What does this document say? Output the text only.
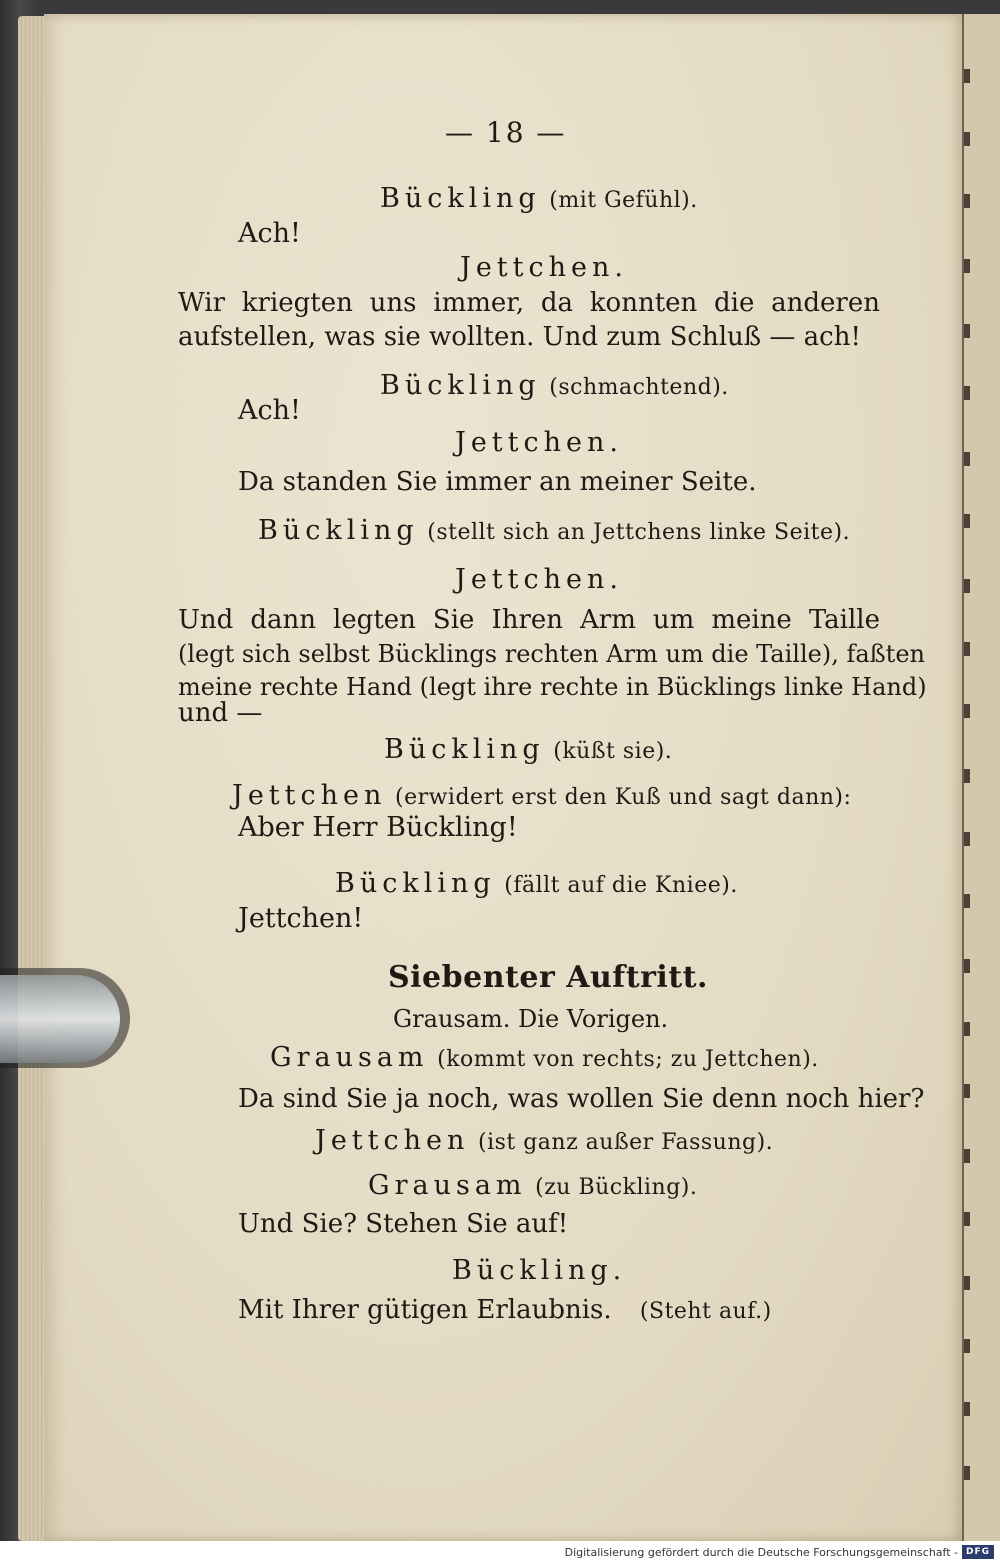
— 18 —
Bückling (mit Gefühl).
Ach!
Jettchen.
Wir kriegten uns immer, da konnten die anderen
aufstellen, was sie wollten. Und zum Schluß — ach!
Bückling (schmachtend).
Ach!
Jettchen.
Da standen Sie immer an meiner Seite.
Bückling (stellt sich an Jettchens linke Seite).
Jettchen.
Und dann legten Sie Ihren Arm um meine Taille
(legt sich selbst Bücklings rechten Arm um die Taille), faßten
meine rechte Hand (legt ihre rechte in Bücklings linke Hand)
und —
Bückling (küßt sie).
Jettchen (erwidert erst den Kuß und sagt dann):
Aber Herr Bückling!
Bückling (fällt auf die Kniee).
Jettchen!
Siebenter Auftritt.
Grausam. Die Vorigen.
Grausam (kommt von rechts; zu Jettchen).
Da sind Sie ja noch, was wollen Sie denn noch hier?
Jettchen (ist ganz außer Fassung).
Grausam (zu Bückling).
Und Sie? Stehen Sie auf!
Bückling.
Mit Ihrer gütigen Erlaubnis. (Steht auf.)
Digitalisierung gefördert durch die Deutsche Forschungsgemeinschaft - DFG
